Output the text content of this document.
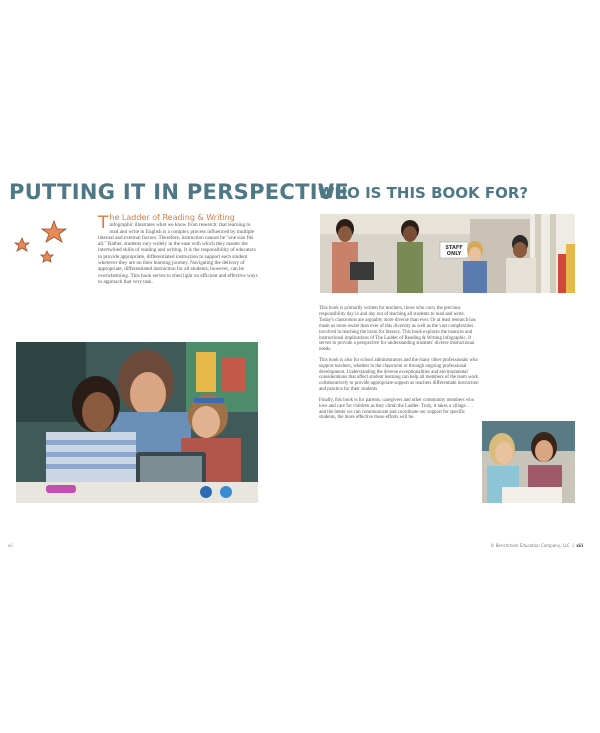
PUTTING IT IN PERSPECTIVE
The Ladder of Reading & Writing infographic illustrates what we know from research: that learning to read and write in English is a complex process influenced by multiple internal and external factors. Therefore, instruction cannot be "one size fits all." Rather, students vary widely in the ease with which they master the intertwined skills of reading and writing. It is the responsibility of educators to provide appropriate, differentiated instruction to support each student wherever they are on their learning journey. Navigating the delivery of appropriate, differentiated instruction for all students, however, can be overwhelming. This book serves to shed light on efficient and effective ways to approach that very task.
xii
WHO IS THIS BOOK FOR?
STAFF
ONLY

This book is primarily written for teachers, those who carry the precious responsibility day in and day out of teaching all students to read and write. Today's classrooms are arguably more diverse than ever. Or at least research has made us more aware than ever of this diversity as well as the vast complexities involved in teaching the brain for literacy. This book explores the nuances and instructional implications of The Ladder of Reading & Writing infographic. It serves to provide a perspective for understanding students' diverse instructional needs.

This book is also for school administrators and the many other professionals who support teachers, whether in the classroom or through ongoing professional development. Understanding the diverse exceptionalities and environmental considerations that affect student learning can help all members of the team work collaboratively to provide appropriate support as teachers differentiate instruction and practice for their students.

Finally, this book is for parents, caregivers and other community members who love and care for children as they climb the Ladder. Truly, it takes a village . . . and the better we can communicate and coordinate our support for specific students, the more effective those efforts will be.

© Benchmark Education Company, LLC  |  xiii
